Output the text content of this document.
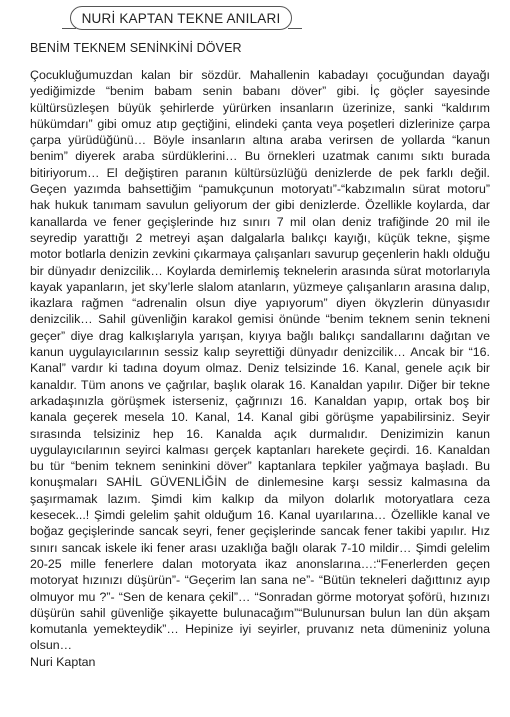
NURİ KAPTAN TEKNE ANILARI
BENİM TEKNEM SENİNKİNİ DÖVER

Çocukluğumuzdan kalan bir sözdür. Mahallenin kabadayı çocuğundan dayağı yediğimizde “benim babam senin babanı döver” gibi. İç göçler sayesinde kültürsüzleşen büyük şehirlerde yürürken insanların üzerinize, sanki “kaldırım hükümdarı” gibi omuz atıp geçtiğini, elindeki çanta veya poşetleri dizlerinize çarpa çarpa yürüdüğünü… Böyle insanların altına araba verirsen de yollarda “kanun benim” diyerek araba sürdüklerini… Bu örnekleri uzatmak canımı sıktı burada bitiriyorum… El değiştiren paranın kültürsüzlüğü denizlerde de pek farklı değil. Geçen yazımda bahsettiğim “pamukçunun motoryatı”-“kabzımalın sürat motoru” hak hukuk tanımam savulun geliyorum der gibi denizlerde. Özellikle koylarda, dar kanallarda ve fener geçişlerinde hız sınırı 7 mil olan deniz trafiğinde 20 mil ile seyredip yarattığı 2 metreyi aşan dalgalarla balıkçı kayığı, küçük tekne, şişme motor botlarla denizin zevkini çıkarmaya çalışanları savurup geçenlerin haklı olduğu bir dünyadır denizcilik… Koylarda demirlemiş teknelerin arasında sürat motorlarıyla kayak yapanların, jet sky’lerle slalom atanların, yüzmeye çalışanların arasına dalıp, ikazlara rağmen “adrenalin olsun diye yapıyorum” diyen ökүzlerin dünyasıdır denizcilik… Sahil güvenliğin karakol gemisi önünde “benim teknem senin tekneni geçer” diye drag kalkışlarıyla yarışan, kıyıya bağlı balıkçı sandallarını dağıtan ve kanun uygulayıcılarının sessiz kalıp seyrettiği dünyadır denizcilik… Ancak bir “16. Kanal” vardır ki tadına doyum olmaz. Deniz telsizinde 16. Kanal, genele açık bir kanaldır. Tüm anons ve çağrılar, başlık olarak 16. Kanaldan yapılır. Diğer bir tekne arkadaşınızla görüşmek isterseniz, çağrınızı 16. Kanaldan yapıp, ortak boş bir kanala geçerek mesela 10. Kanal, 14. Kanal gibi görüşme yapabilirsiniz. Seyir sırasında telsiziniz hep 16. Kanalda açık durmalıdır. Denizimizin kanun uygulayıcılarının seyirci kalması gerçek kaptanları harekete geçirdi. 16. Kanaldan bu tür “benim teknem seninkini döver” kaptanlara tepkiler yağmaya başladı. Bu konuşmaları SAHİL GÜVENLİĞİN de dinlemesine karşı sessiz kalmasına da şaşırmamak lazım. Şimdi kim kalkıp da milyon dolarlık motoryatlara ceza kesecek...! Şimdi gelelim şahit olduğum 16. Kanal uyarılarına… Özellikle kanal ve boğaz geçişlerinde sancak seyri, fener geçişlerinde sancak fener takibi yapılır. Hız sınırı sancak iskele iki fener arası uzaklığa bağlı olarak 7-10 mildir… Şimdi gelelim 20-25 mille fenerlere dalan motoryata ikaz anonslarına…:“Fenerlerden geçen motoryat hızınızı düşürün”- “Geçerim lan sana ne”- “Bütün tekneleri dağıttınız ayıp olmuyor mu ?”- “Sen de kenara çekil”… “Sonradan görme motoryat şoförü, hızınızı düşürün sahil güvenliğe şikayette bulunacağım”“Bulunursan bulun lan dün akşam komutanla yemekteydik”… Hepinize iyi seyirler, pruvanız neta dümeniniz yoluna olsun…

Nuri Kaptan
